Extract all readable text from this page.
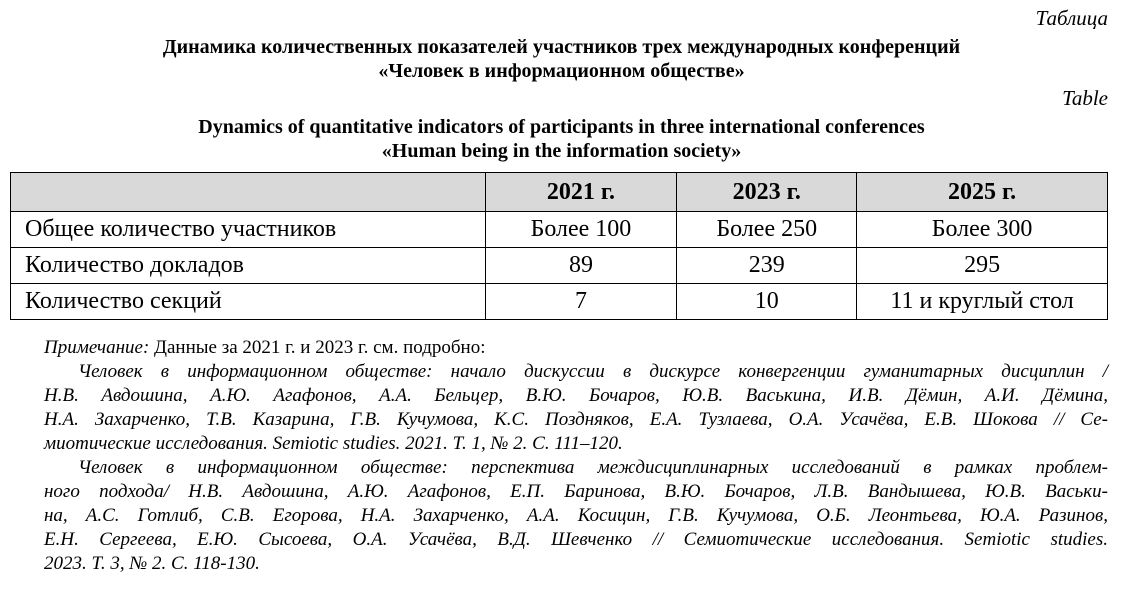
Таблица
Динамика количественных показателей участников трех международных конференций
«Человек в информационном обществе»
Table
Dynamics of quantitative indicators of participants in three international conferences
«Human being in the information society»
	2021 г.	2023 г.	2025 г.
Общее количество участников	Более 100	Более 250	Более 300
Количество докладов	89	239	295
Количество секций	7	10	11 и круглый стол
Примечание: Данные за 2021 г. и 2023 г. см. подробно:
Человек в информационном обществе: начало дискуссии в дискурсе конвергенции гуманитарных дисциплин /
Н.В. Авдошина, А.Ю. Агафонов, А.А. Бельцер, В.Ю. Бочаров, Ю.В. Васькина, И.В. Дёмин, А.И. Дёмина,
Н.А. Захарченко, Т.В. Казарина, Г.В. Кучумова, К.С. Поздняков, Е.А. Тузлаева, О.А. Усачёва, Е.В. Шокова // Се-
миотические исследования. Semiotic studies. 2021. Т. 1, № 2. С. 111–120.
Человек в информационном обществе: перспектива междисциплинарных исследований в рамках проблем-
ного подхода/ Н.В. Авдошина, А.Ю. Агафонов, Е.П. Баринова, В.Ю. Бочаров, Л.В. Вандышева, Ю.В. Васьки-
на, А.С. Готлиб, С.В. Егорова, Н.А. Захарченко, А.А. Косицин, Г.В. Кучумова, О.Б. Леонтьева, Ю.А. Разинов,
Е.Н. Сергеева, Е.Ю. Сысоева, О.А. Усачёва, В.Д. Шевченко // Семиотические исследования. Semiotic studies.
2023. Т. 3, № 2. С. 118-130.
